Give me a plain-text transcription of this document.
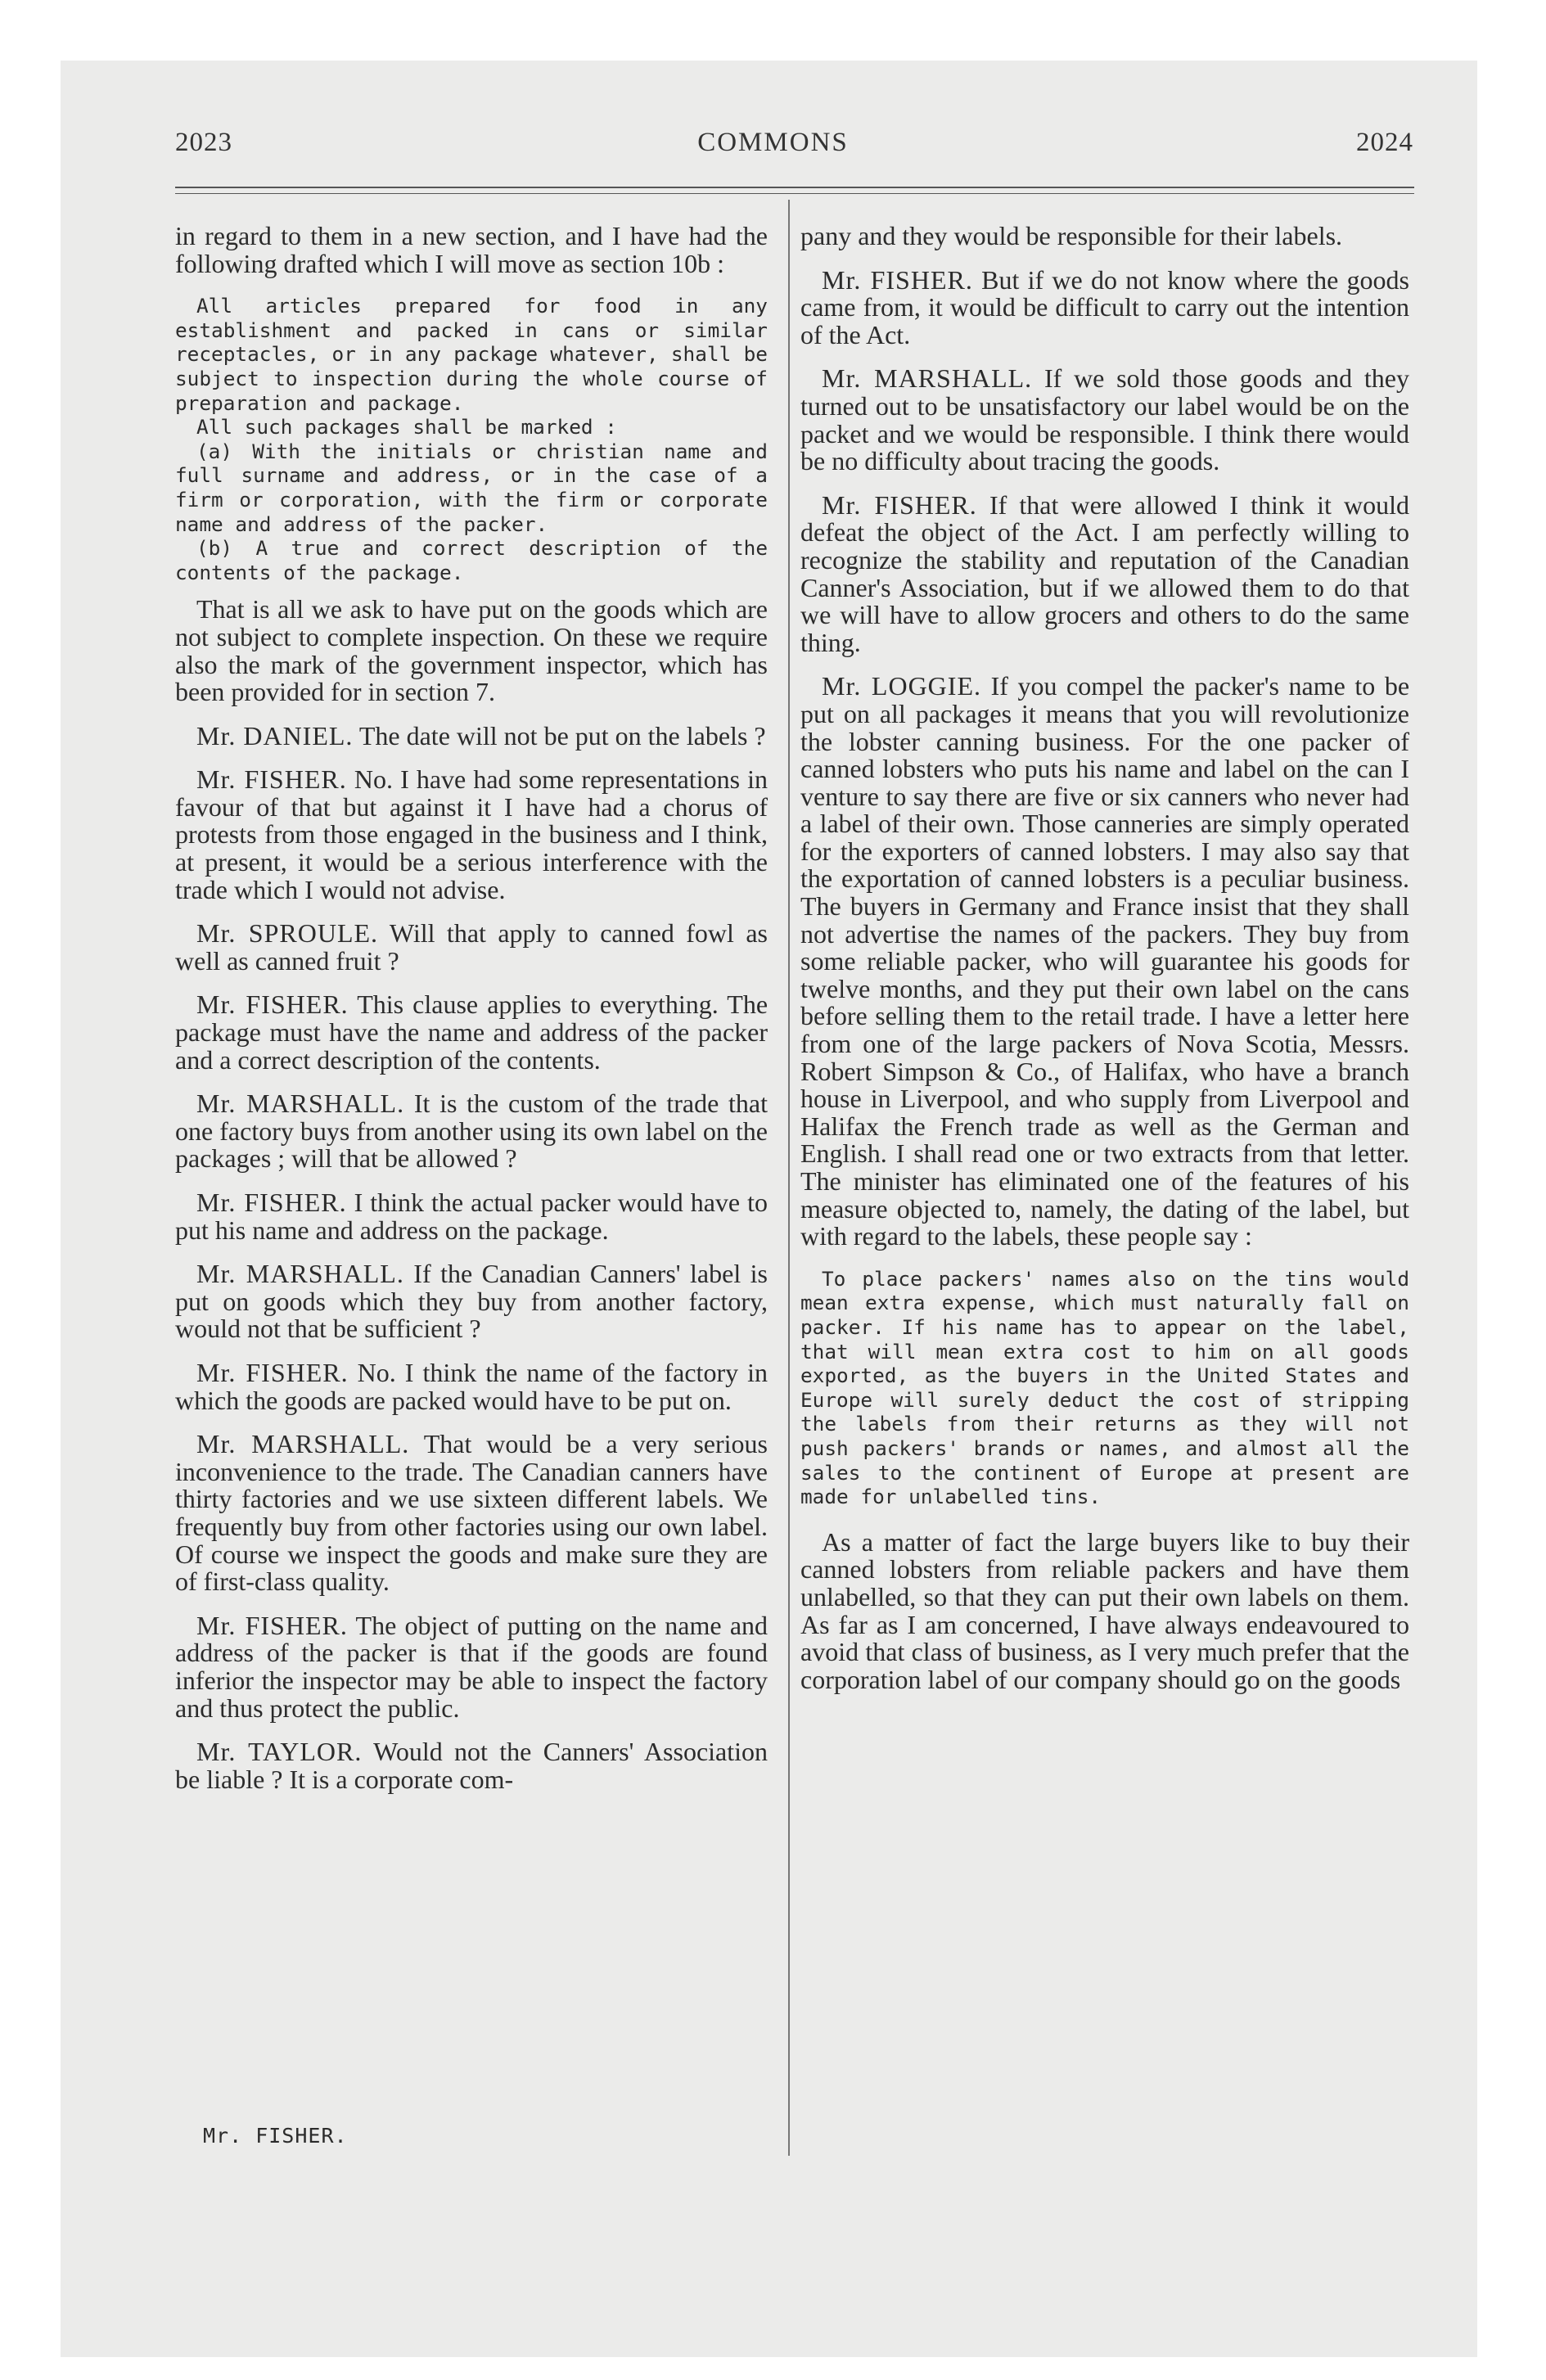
2023	COMMONS	2024

in regard to them in a new section, and I have had the following drafted which I will move as section 10b :

All articles prepared for food in any establishment and packed in cans or similar receptacles, or in any package whatever, shall be subject to inspection during the whole course of preparation and package.

All such packages shall be marked :

(a) With the initials or christian name and full surname and address, or in the case of a firm or corporation, with the firm or corporate name and address of the packer.

(b) A true and correct description of the contents of the package.

That is all we ask to have put on the goods which are not subject to complete inspection. On these we require also the mark of the government inspector, which has been provided for in section 7.

Mr. DANIEL. The date will not be put on the labels ?

Mr. FISHER. No. I have had some representations in favour of that but against it I have had a chorus of protests from those engaged in the business and I think, at present, it would be a serious interference with the trade which I would not advise.

Mr. SPROULE. Will that apply to canned fowl as well as canned fruit ?

Mr. FISHER. This clause applies to everything. The package must have the name and address of the packer and a correct description of the contents.

Mr. MARSHALL. It is the custom of the trade that one factory buys from another using its own label on the packages ; will that be allowed ?

Mr. FISHER. I think the actual packer would have to put his name and address on the package.

Mr. MARSHALL. If the Canadian Canners' label is put on goods which they buy from another factory, would not that be sufficient ?

Mr. FISHER. No. I think the name of the factory in which the goods are packed would have to be put on.

Mr. MARSHALL. That would be a very serious inconvenience to the trade. The Canadian canners have thirty factories and we use sixteen different labels. We frequently buy from other factories using our own label. Of course we inspect the goods and make sure they are of first-class quality.

Mr. FISHER. The object of putting on the name and address of the packer is that if the goods are found inferior the inspector may be able to inspect the factory and thus protect the public.

Mr. TAYLOR. Would not the Canners' Association be liable ? It is a corporate com-

Mr. FISHER.

pany and they would be responsible for their labels.

Mr. FISHER. But if we do not know where the goods came from, it would be difficult to carry out the intention of the Act.

Mr. MARSHALL. If we sold those goods and they turned out to be unsatisfactory our label would be on the packet and we would be responsible. I think there would be no difficulty about tracing the goods.

Mr. FISHER. If that were allowed I think it would defeat the object of the Act. I am perfectly willing to recognize the stability and reputation of the Canadian Canner's Association, but if we allowed them to do that we will have to allow grocers and others to do the same thing.

Mr. LOGGIE. If you compel the packer's name to be put on all packages it means that you will revolutionize the lobster canning business. For the one packer of canned lobsters who puts his name and label on the can I venture to say there are five or six canners who never had a label of their own. Those canneries are simply operated for the exporters of canned lobsters. I may also say that the exportation of canned lobsters is a peculiar business. The buyers in Germany and France insist that they shall not advertise the names of the packers. They buy from some reliable packer, who will guarantee his goods for twelve months, and they put their own label on the cans before selling them to the retail trade. I have a letter here from one of the large packers of Nova Scotia, Messrs. Robert Simpson & Co., of Halifax, who have a branch house in Liverpool, and who supply from Liverpool and Halifax the French trade as well as the German and English. I shall read one or two extracts from that letter. The minister has eliminated one of the features of his measure objected to, namely, the dating of the label, but with regard to the labels, these people say :

To place packers' names also on the tins would mean extra expense, which must naturally fall on packer. If his name has to appear on the label, that will mean extra cost to him on all goods exported, as the buyers in the United States and Europe will surely deduct the cost of stripping the labels from their returns as they will not push packers' brands or names, and almost all the sales to the continent of Europe at present are made for unlabelled tins.

As a matter of fact the large buyers like to buy their canned lobsters from reliable packers and have them unlabelled, so that they can put their own labels on them. As far as I am concerned, I have always endeavoured to avoid that class of business, as I very much prefer that the corporation label of our company should go on the goods
